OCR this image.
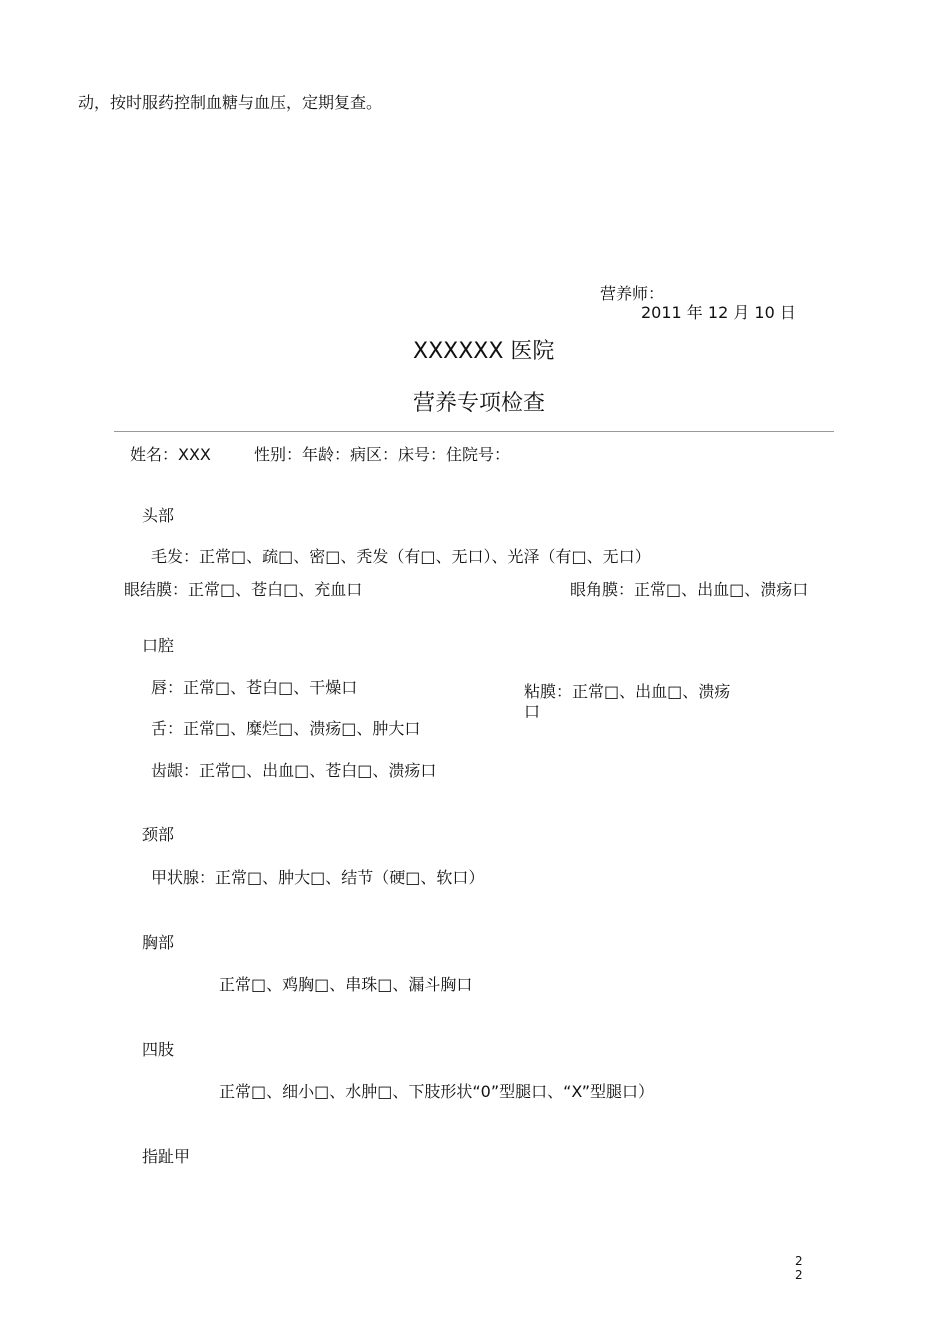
动，按时服药控制血糖与血压，定期复查。
营养师：
2011 年 12 月 10 日
XXXXXX 医院
营养专项检查
姓名：XXX	性别：年龄：病区：床号：住院号：
头部
毛发：正常□、疏□、密□、秃发（有□、无口）、光泽（有□、无口）
眼结膜：正常□、苍白□、充血口	眼角膜：正常□、出血□、溃疡口
口腔
唇：正常□、苍白□、干燥口	粘膜：正常□、出血□、溃疡
口
舌：正常□、糜烂□、溃疡□、肿大口
齿龈：正常□、出血□、苍白□、溃疡口
颈部
甲状腺：正常□、肿大□、结节（硬□、软口）
胸部
正常□、鸡胸□、串珠□、漏斗胸口
四肢
正常□、细小□、水肿□、下肢形状“0”型腿口、“X”型腿口）
指趾甲
2
2
